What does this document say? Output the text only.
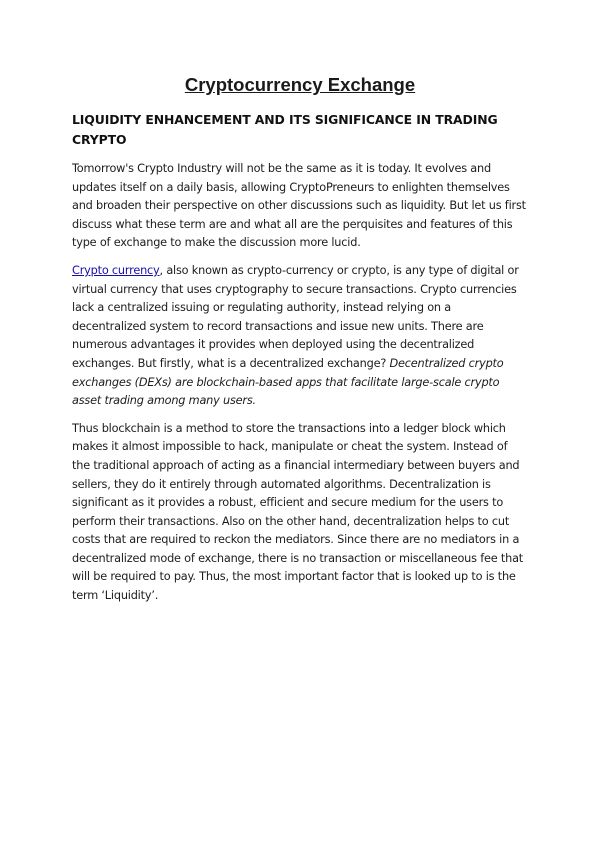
Cryptocurrency Exchange
LIQUIDITY ENHANCEMENT AND ITS SIGNIFICANCE IN TRADING CRYPTO

Tomorrow's Crypto Industry will not be the same as it is today. It evolves and updates itself on a daily basis, allowing CryptoPreneurs to enlighten themselves and broaden their perspective on other discussions such as liquidity. But let us first discuss what these term are and what all are the perquisites and features of this type of exchange to make the discussion more lucid.

Crypto currency, also known as crypto-currency or crypto, is any type of digital or virtual currency that uses cryptography to secure transactions. Crypto currencies lack a centralized issuing or regulating authority, instead relying on a decentralized system to record transactions and issue new units. There are numerous advantages it provides when deployed using the decentralized exchanges. But firstly, what is a decentralized exchange? Decentralized crypto exchanges (DEXs) are blockchain-based apps that facilitate large-scale crypto asset trading among many users.

Thus blockchain is a method to store the transactions into a ledger block which makes it almost impossible to hack, manipulate or cheat the system. Instead of the traditional approach of acting as a financial intermediary between buyers and sellers, they do it entirely through automated algorithms. Decentralization is significant as it provides a robust, efficient and secure medium for the users to perform their transactions. Also on the other hand, decentralization helps to cut costs that are required to reckon the mediators. Since there are no mediators in a decentralized mode of exchange, there is no transaction or miscellaneous fee that will be required to pay. Thus, the most important factor that is looked up to is the term ‘Liquidity’.
